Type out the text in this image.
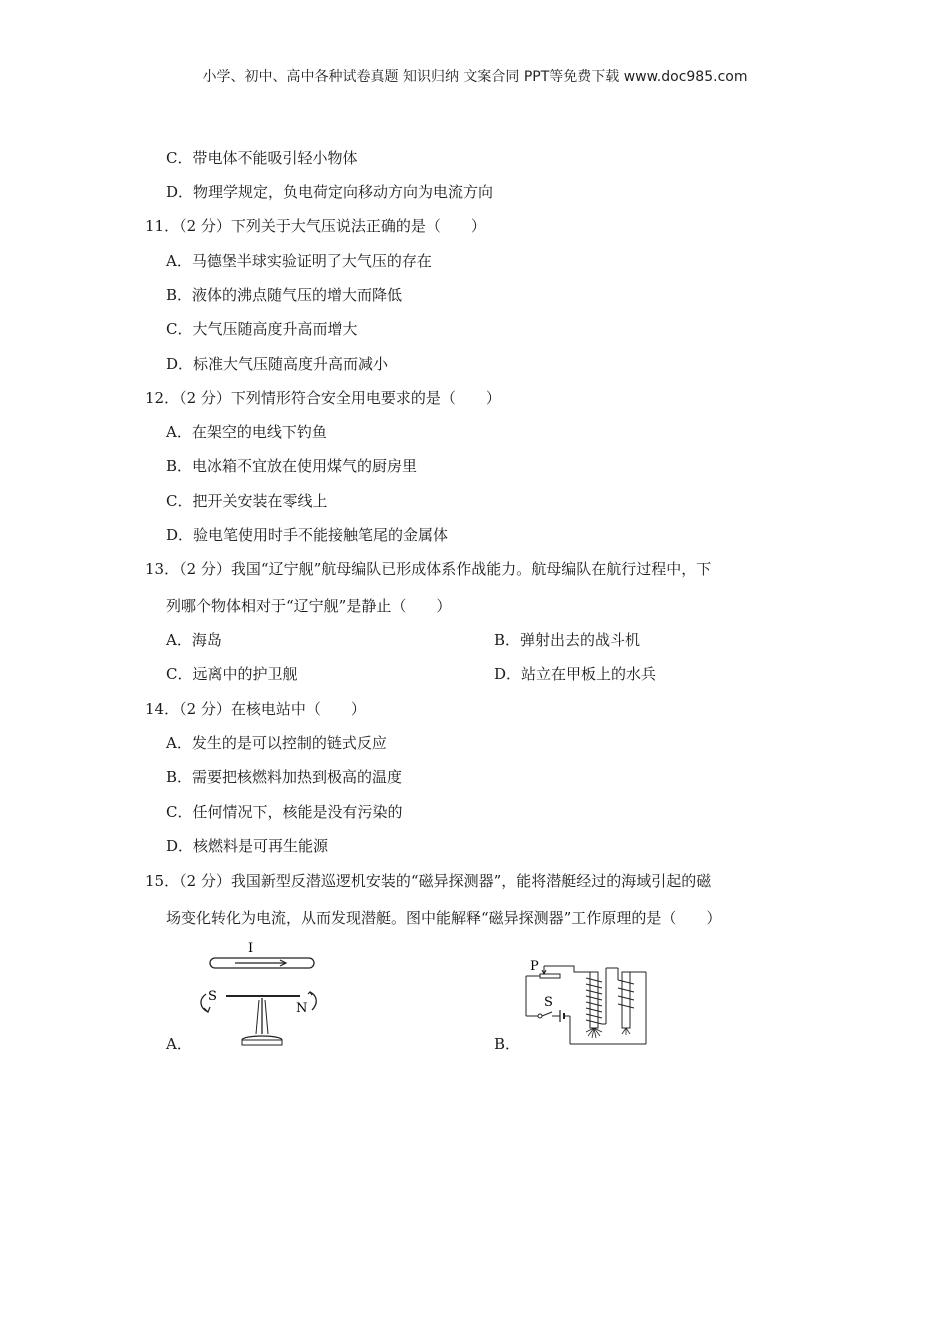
小学、初中、高中各种试卷真题 知识归纳 文案合同 PPT等免费下载 www.doc985.com
C．带电体不能吸引轻小物体
D．物理学规定，负电荷定向移动方向为电流方向
11．（2 分）下列关于大气压说法正确的是（　　）
A．马德堡半球实验证明了大气压的存在
B．液体的沸点随气压的增大而降低
C．大气压随高度升高而增大
D．标准大气压随高度升高而减小
12．（2 分）下列情形符合安全用电要求的是（　　）
A．在架空的电线下钓鱼
B．电冰箱不宜放在使用煤气的厨房里
C．把开关安装在零线上
D．验电笔使用时手不能接触笔尾的金属体
13．（2 分）我国“辽宁舰”航母编队已形成体系作战能力。航母编队在航行过程中，下
列哪个物体相对于“辽宁舰”是静止（　　）
A．海岛	B．弹射出去的战斗机
C．远离中的护卫舰	D．站立在甲板上的水兵
14．（2 分）在核电站中（　　）
A．发生的是可以控制的链式反应
B．需要把核燃料加热到极高的温度
C．任何情况下，核能是没有污染的
D．核燃料是可再生能源
15．（2 分）我国新型反潜巡逻机安装的“磁异探测器”，能将潜艇经过的海域引起的磁
场变化转化为电流，从而发现潜艇。图中能解释“磁异探测器”工作原理的是（　　）
I
S
N
A．
P
S
B．
